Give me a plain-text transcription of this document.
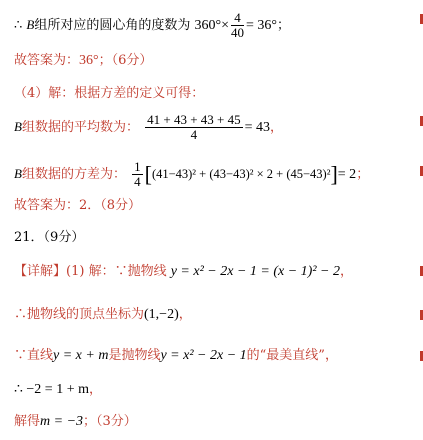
∴ B组所对应的圆心角的度数为 $360^\circ\times \frac{4}{40} = 36^\circ$；
故答案为：36°；（6分）
（4）解：根据方差的定义可得：
B组数据的平均数为： $\frac{41 + 43 + 43 + 45}{4} = 43$，
B组数据的方差为： $\frac{1}{4} [(41-43)^2 + (43-43)^2 \times 2 + (45-43)^2]= 2$；
故答案为：2．（8分）
21．（9分）
【详解】(1) 解：∵抛物线 y = x² − 2x − 1 = (x − 1)² − 2，
∴抛物线的顶点坐标为(1,−2)，
∵直线y = x + m是抛物线y = x² − 2x − 1的“最美直线”，
∴ −2 = 1 + m，
解得m = −3；（3分）
